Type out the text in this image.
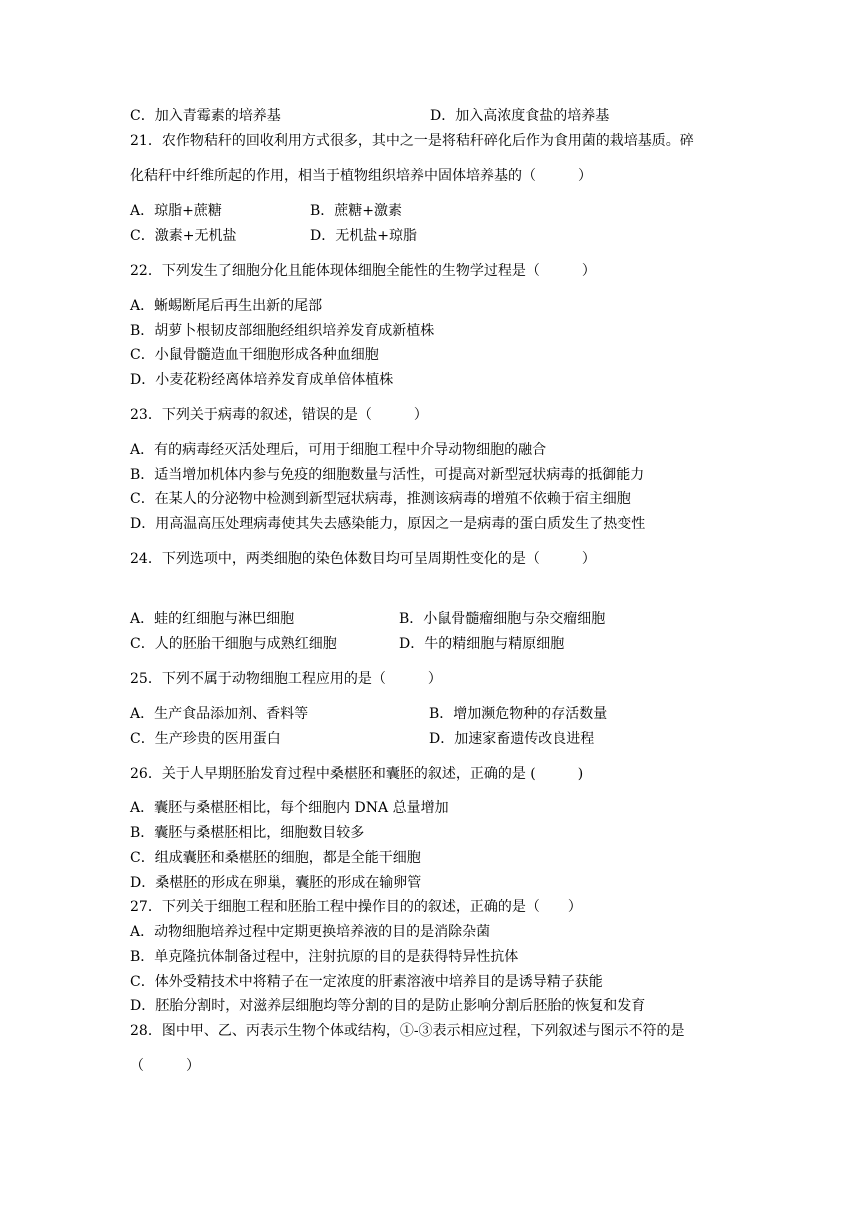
C．加入青霉素的培养基	D．加入高浓度食盐的培养基
21．农作物秸秆的回收利用方式很多，其中之一是将秸秆碎化后作为食用菌的栽培基质。碎
化秸秆中纤维所起的作用，相当于植物组织培养中固体培养基的（　　　）
A．琼脂+蔗糖	B．蔗糖+激素
C．激素+无机盐	D．无机盐+琼脂
22．下列发生了细胞分化且能体现体细胞全能性的生物学过程是（　　　）
A．蜥蜴断尾后再生出新的尾部
B．胡萝卜根韧皮部细胞经组织培养发育成新植株
C．小鼠骨髓造血干细胞形成各种血细胞
D．小麦花粉经离体培养发育成单倍体植株
23．下列关于病毒的叙述，错误的是（　　　）
A．有的病毒经灭活处理后，可用于细胞工程中介导动物细胞的融合
B．适当增加机体内参与免疫的细胞数量与活性，可提高对新型冠状病毒的抵御能力
C．在某人的分泌物中检测到新型冠状病毒，推测该病毒的增殖不依赖于宿主细胞
D．用高温高压处理病毒使其失去感染能力，原因之一是病毒的蛋白质发生了热变性
24．下列选项中，两类细胞的染色体数目均可呈周期性变化的是（　　　）
A．蛙的红细胞与淋巴细胞	B．小鼠骨髓瘤细胞与杂交瘤细胞
C．人的胚胎干细胞与成熟红细胞	D．牛的精细胞与精原细胞
25．下列不属于动物细胞工程应用的是（　　　）
A．生产食品添加剂、香料等	B．增加濒危物种的存活数量
C．生产珍贵的医用蛋白	D．加速家畜遗传改良进程
26．关于人早期胚胎发育过程中桑椹胚和囊胚的叙述，正确的是 (　　　)
A．囊胚与桑椹胚相比，每个细胞内 DNA 总量增加
B．囊胚与桑椹胚相比，细胞数目较多
C．组成囊胚和桑椹胚的细胞，都是全能干细胞
D．桑椹胚的形成在卵巢，囊胚的形成在输卵管
27．下列关于细胞工程和胚胎工程中操作目的的叙述，正确的是（　　）
A．动物细胞培养过程中定期更换培养液的目的是消除杂菌
B．单克隆抗体制备过程中，注射抗原的目的是获得特异性抗体
C．体外受精技术中将精子在一定浓度的肝素溶液中培养目的是诱导精子获能
D．胚胎分割时，对滋养层细胞均等分割的目的是防止影响分割后胚胎的恢复和发育
28．图中甲、乙、丙表示生物个体或结构，①-③表示相应过程，下列叙述与图示不符的是
（　　　）
